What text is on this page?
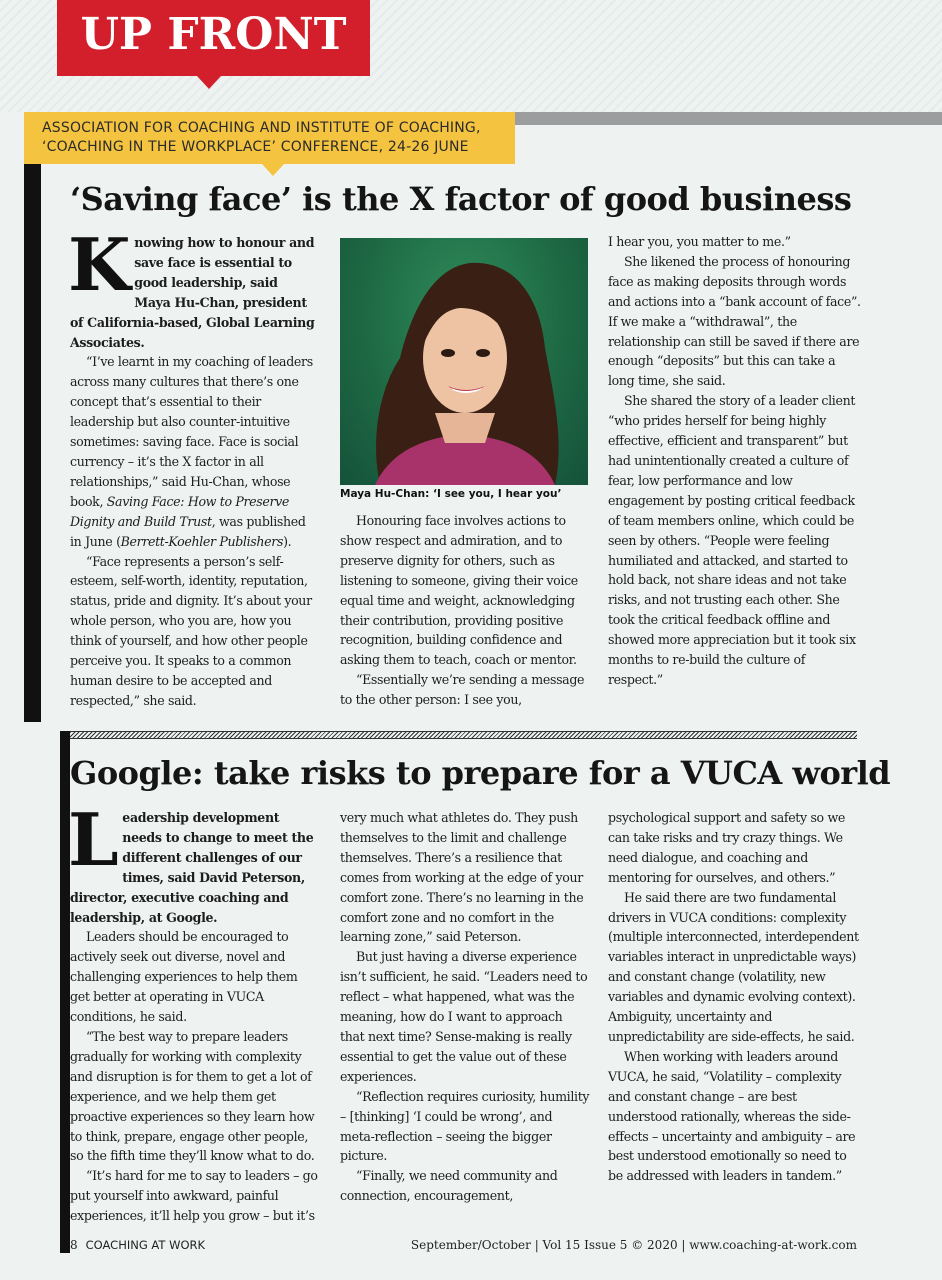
UP FRONT
ASSOCIATION FOR COACHING AND INSTITUTE OF COACHING,
‘COACHING IN THE WORKPLACE’ CONFERENCE, 24-26 JUNE
‘Saving face’ is the X factor of good business

Knowing how to honour and save face is essential to good leadership, said Maya Hu-Chan, president of California-based, Global Learning Associates.

“I’ve learnt in my coaching of leaders across many cultures that there’s one concept that’s essential to their leadership but also counter-intuitive sometimes: saving face. Face is social currency – it’s the X factor in all relationships,” said Hu-Chan, whose book, Saving Face: How to Preserve Dignity and Build Trust, was published in June (Berrett-Koehler Publishers).

“Face represents a person’s self-esteem, self-worth, identity, reputation, status, pride and dignity. It’s about your whole person, who you are, how you think of yourself, and how other people perceive you. It speaks to a common human desire to be accepted and respected,” she said.

Maya Hu-Chan: ‘I see you, I hear you’

Honouring face involves actions to show respect and admiration, and to preserve dignity for others, such as listening to someone, giving their voice equal time and weight, acknowledging their contribution, providing positive recognition, building confidence and asking them to teach, coach or mentor.

“Essentially we’re sending a message to the other person: I see you,

I hear you, you matter to me.”

She likened the process of honouring face as making deposits through words and actions into a “bank account of face”. If we make a “withdrawal”, the relationship can still be saved if there are enough “deposits” but this can take a long time, she said.

She shared the story of a leader client “who prides herself for being highly effective, efficient and transparent” but had unintentionally created a culture of fear, low performance and low engagement by posting critical feedback of team members online, which could be seen by others. “People were feeling humiliated and attacked, and started to hold back, not share ideas and not take risks, and not trusting each other. She took the critical feedback offline and showed more appreciation but it took six months to re-build the culture of respect.”

Google: take risks to prepare for a VUCA world

Leadership development needs to change to meet the different challenges of our times, said David Peterson, director, executive coaching and leadership, at Google.

Leaders should be encouraged to actively seek out diverse, novel and challenging experiences to help them get better at operating in VUCA conditions, he said.

“The best way to prepare leaders gradually for working with complexity and disruption is for them to get a lot of experience, and we help them get proactive experiences so they learn how to think, prepare, engage other people, so the fifth time they’ll know what to do.

“It’s hard for me to say to leaders – go put yourself into awkward, painful experiences, it’ll help you grow – but it’s

very much what athletes do. They push themselves to the limit and challenge themselves. There’s a resilience that comes from working at the edge of your comfort zone. There’s no learning in the comfort zone and no comfort in the learning zone,” said Peterson.

But just having a diverse experience isn’t sufficient, he said. “Leaders need to reflect – what happened, what was the meaning, how do I want to approach that next time? Sense-making is really essential to get the value out of these experiences.

“Reflection requires curiosity, humility – [thinking] ‘I could be wrong’, and meta-reflection – seeing the bigger picture.

“Finally, we need community and connection, encouragement,

psychological support and safety so we can take risks and try crazy things. We need dialogue, and coaching and mentoring for ourselves, and others.”

He said there are two fundamental drivers in VUCA conditions: complexity (multiple interconnected, interdependent variables interact in unpredictable ways) and constant change (volatility, new variables and dynamic evolving context). Ambiguity, uncertainty and unpredictability are side-effects, he said.

When working with leaders around VUCA, he said, “Volatility – complexity and constant change – are best understood rationally, whereas the side-effects – uncertainty and ambiguity – are best understood emotionally so need to be addressed with leaders in tandem.”

8 COACHING AT WORK	September/October | Vol 15 Issue 5 © 2020 | www.coaching-at-work.com
